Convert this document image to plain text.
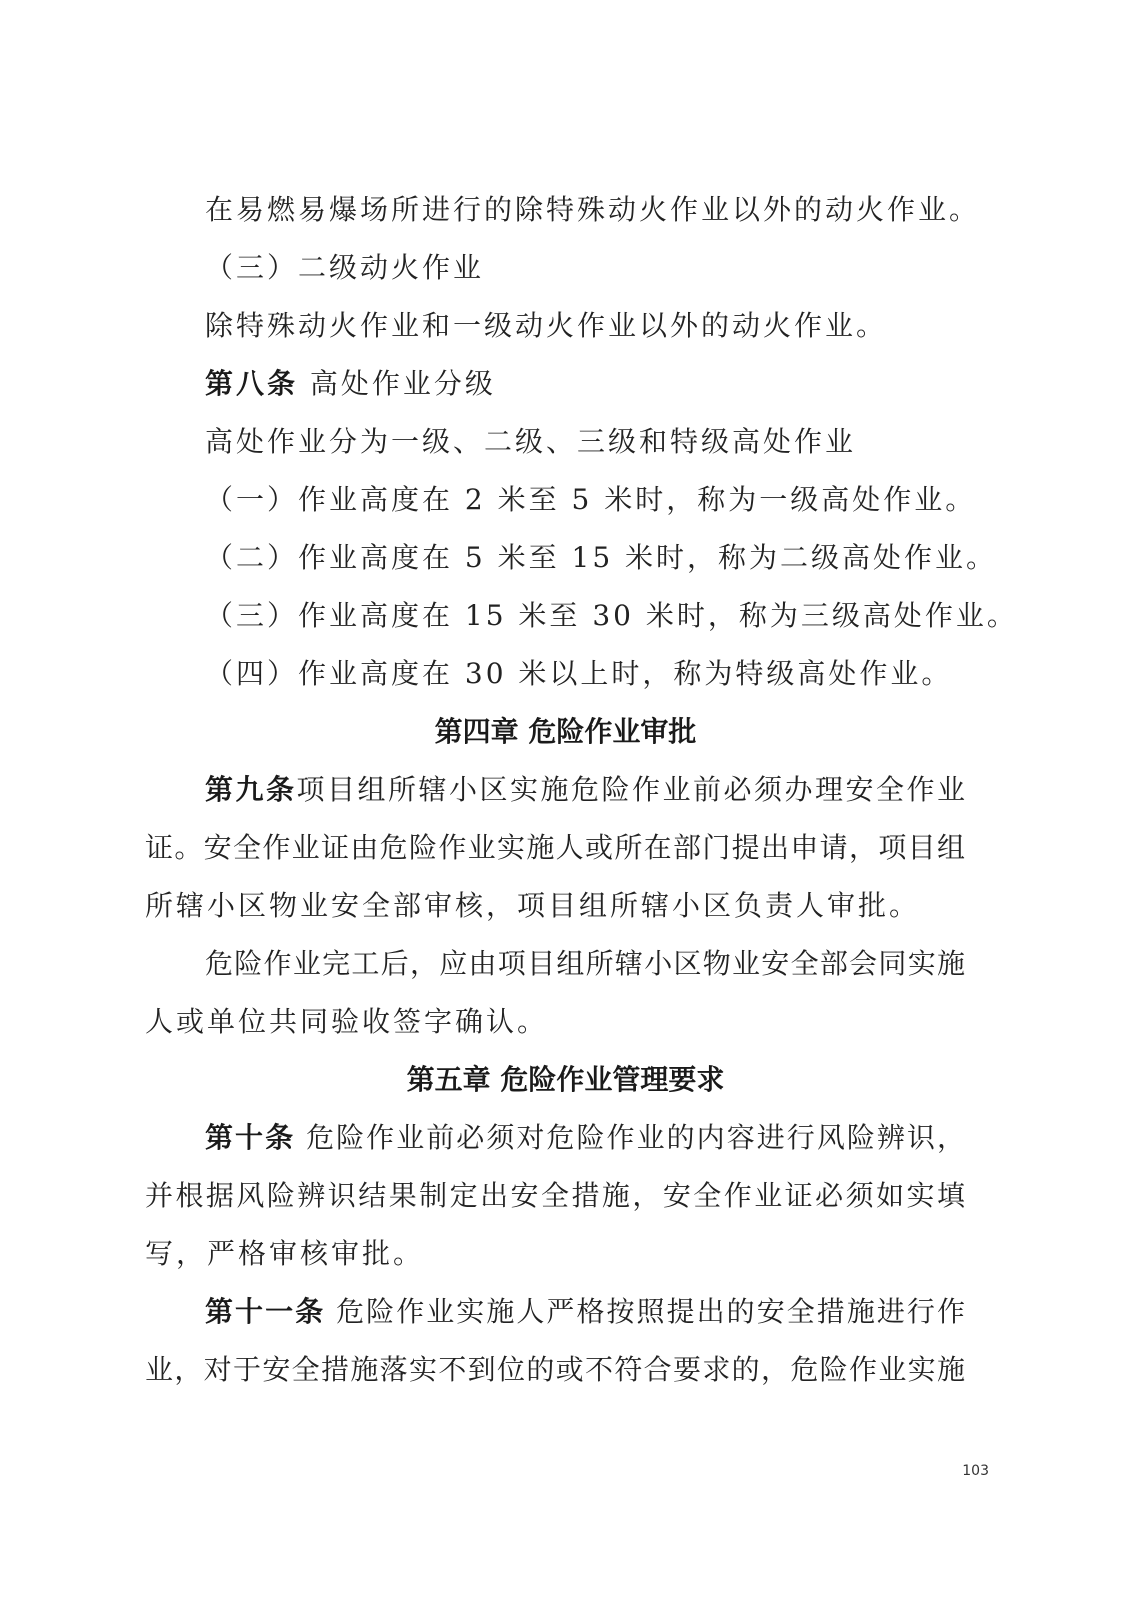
在易燃易爆场所进行的除特殊动火作业以外的动火作业。

（三）二级动火作业

除特殊动火作业和一级动火作业以外的动火作业。

第八条 高处作业分级

高处作业分为一级、二级、三级和特级高处作业

（一）作业高度在 2 米至 5 米时，称为一级高处作业。

（二）作业高度在 5 米至 15 米时，称为二级高处作业。

（三）作业高度在 15 米至 30 米时，称为三级高处作业。

（四）作业高度在 30 米以上时，称为特级高处作业。

第四章 危险作业审批

第九条项目组所辖小区实施危险作业前必须办理安全作业

证。安全作业证由危险作业实施人或所在部门提出申请，项目组

所辖小区物业安全部审核，项目组所辖小区负责人审批。

危险作业完工后，应由项目组所辖小区物业安全部会同实施

人或单位共同验收签字确认。

第五章 危险作业管理要求

第十条 危险作业前必须对危险作业的内容进行风险辨识，

并根据风险辨识结果制定出安全措施，安全作业证必须如实填

写，严格审核审批。

第十一条 危险作业实施人严格按照提出的安全措施进行作

业，对于安全措施落实不到位的或不符合要求的，危险作业实施

103
